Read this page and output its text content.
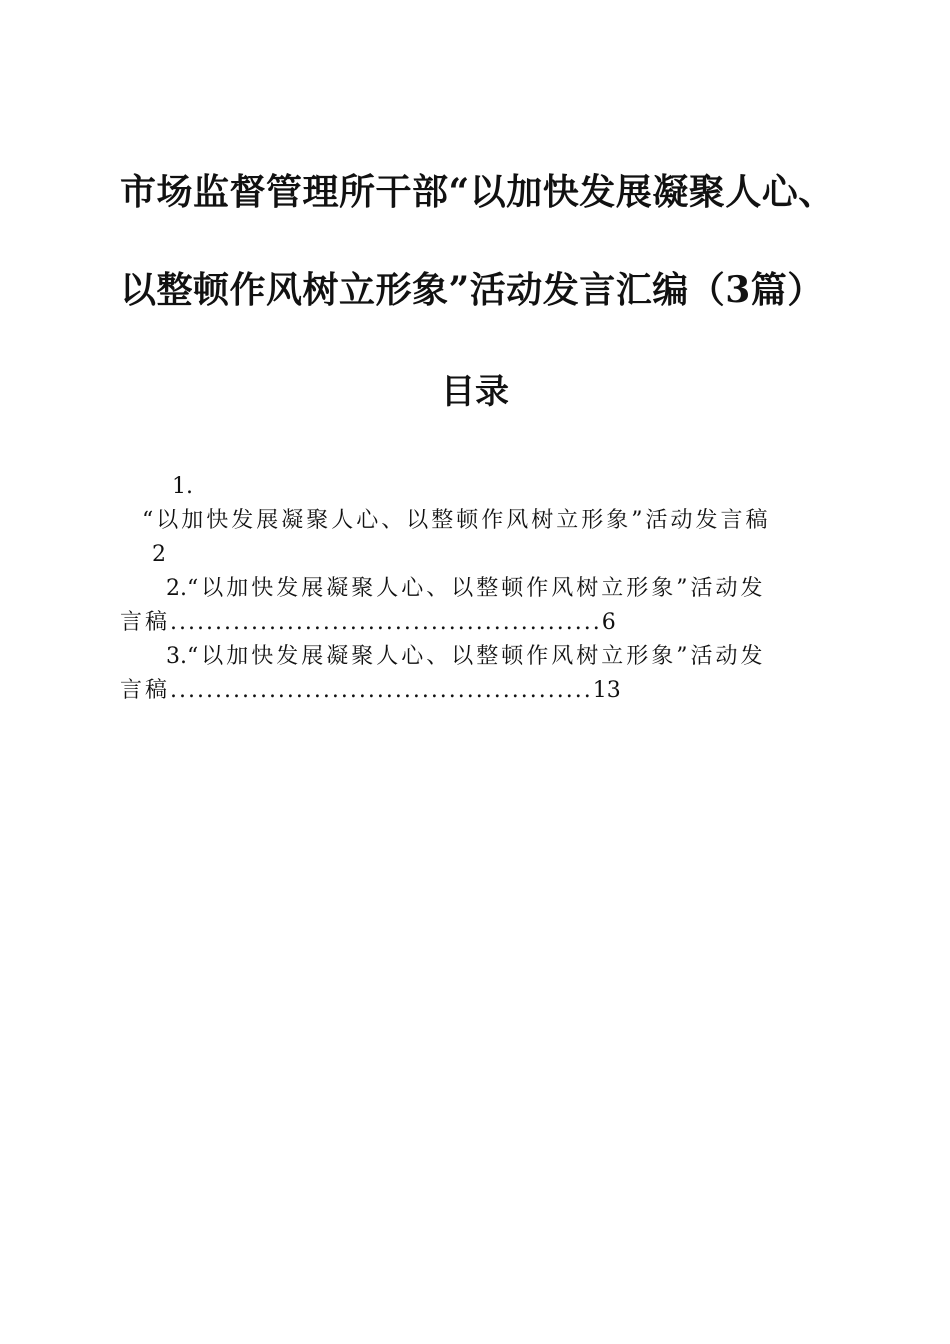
市场监督管理所干部“以加快发展凝聚人心、
以整顿作风树立形象”活动发言汇编（3篇）
目录
1.
“以加快发展凝聚人心、以整顿作风树立形象”活动发言稿
2
2.“以加快发展凝聚人心、以整顿作风树立形象”活动发
言稿................................................6
3.“以加快发展凝聚人心、以整顿作风树立形象”活动发
言稿...............................................13
